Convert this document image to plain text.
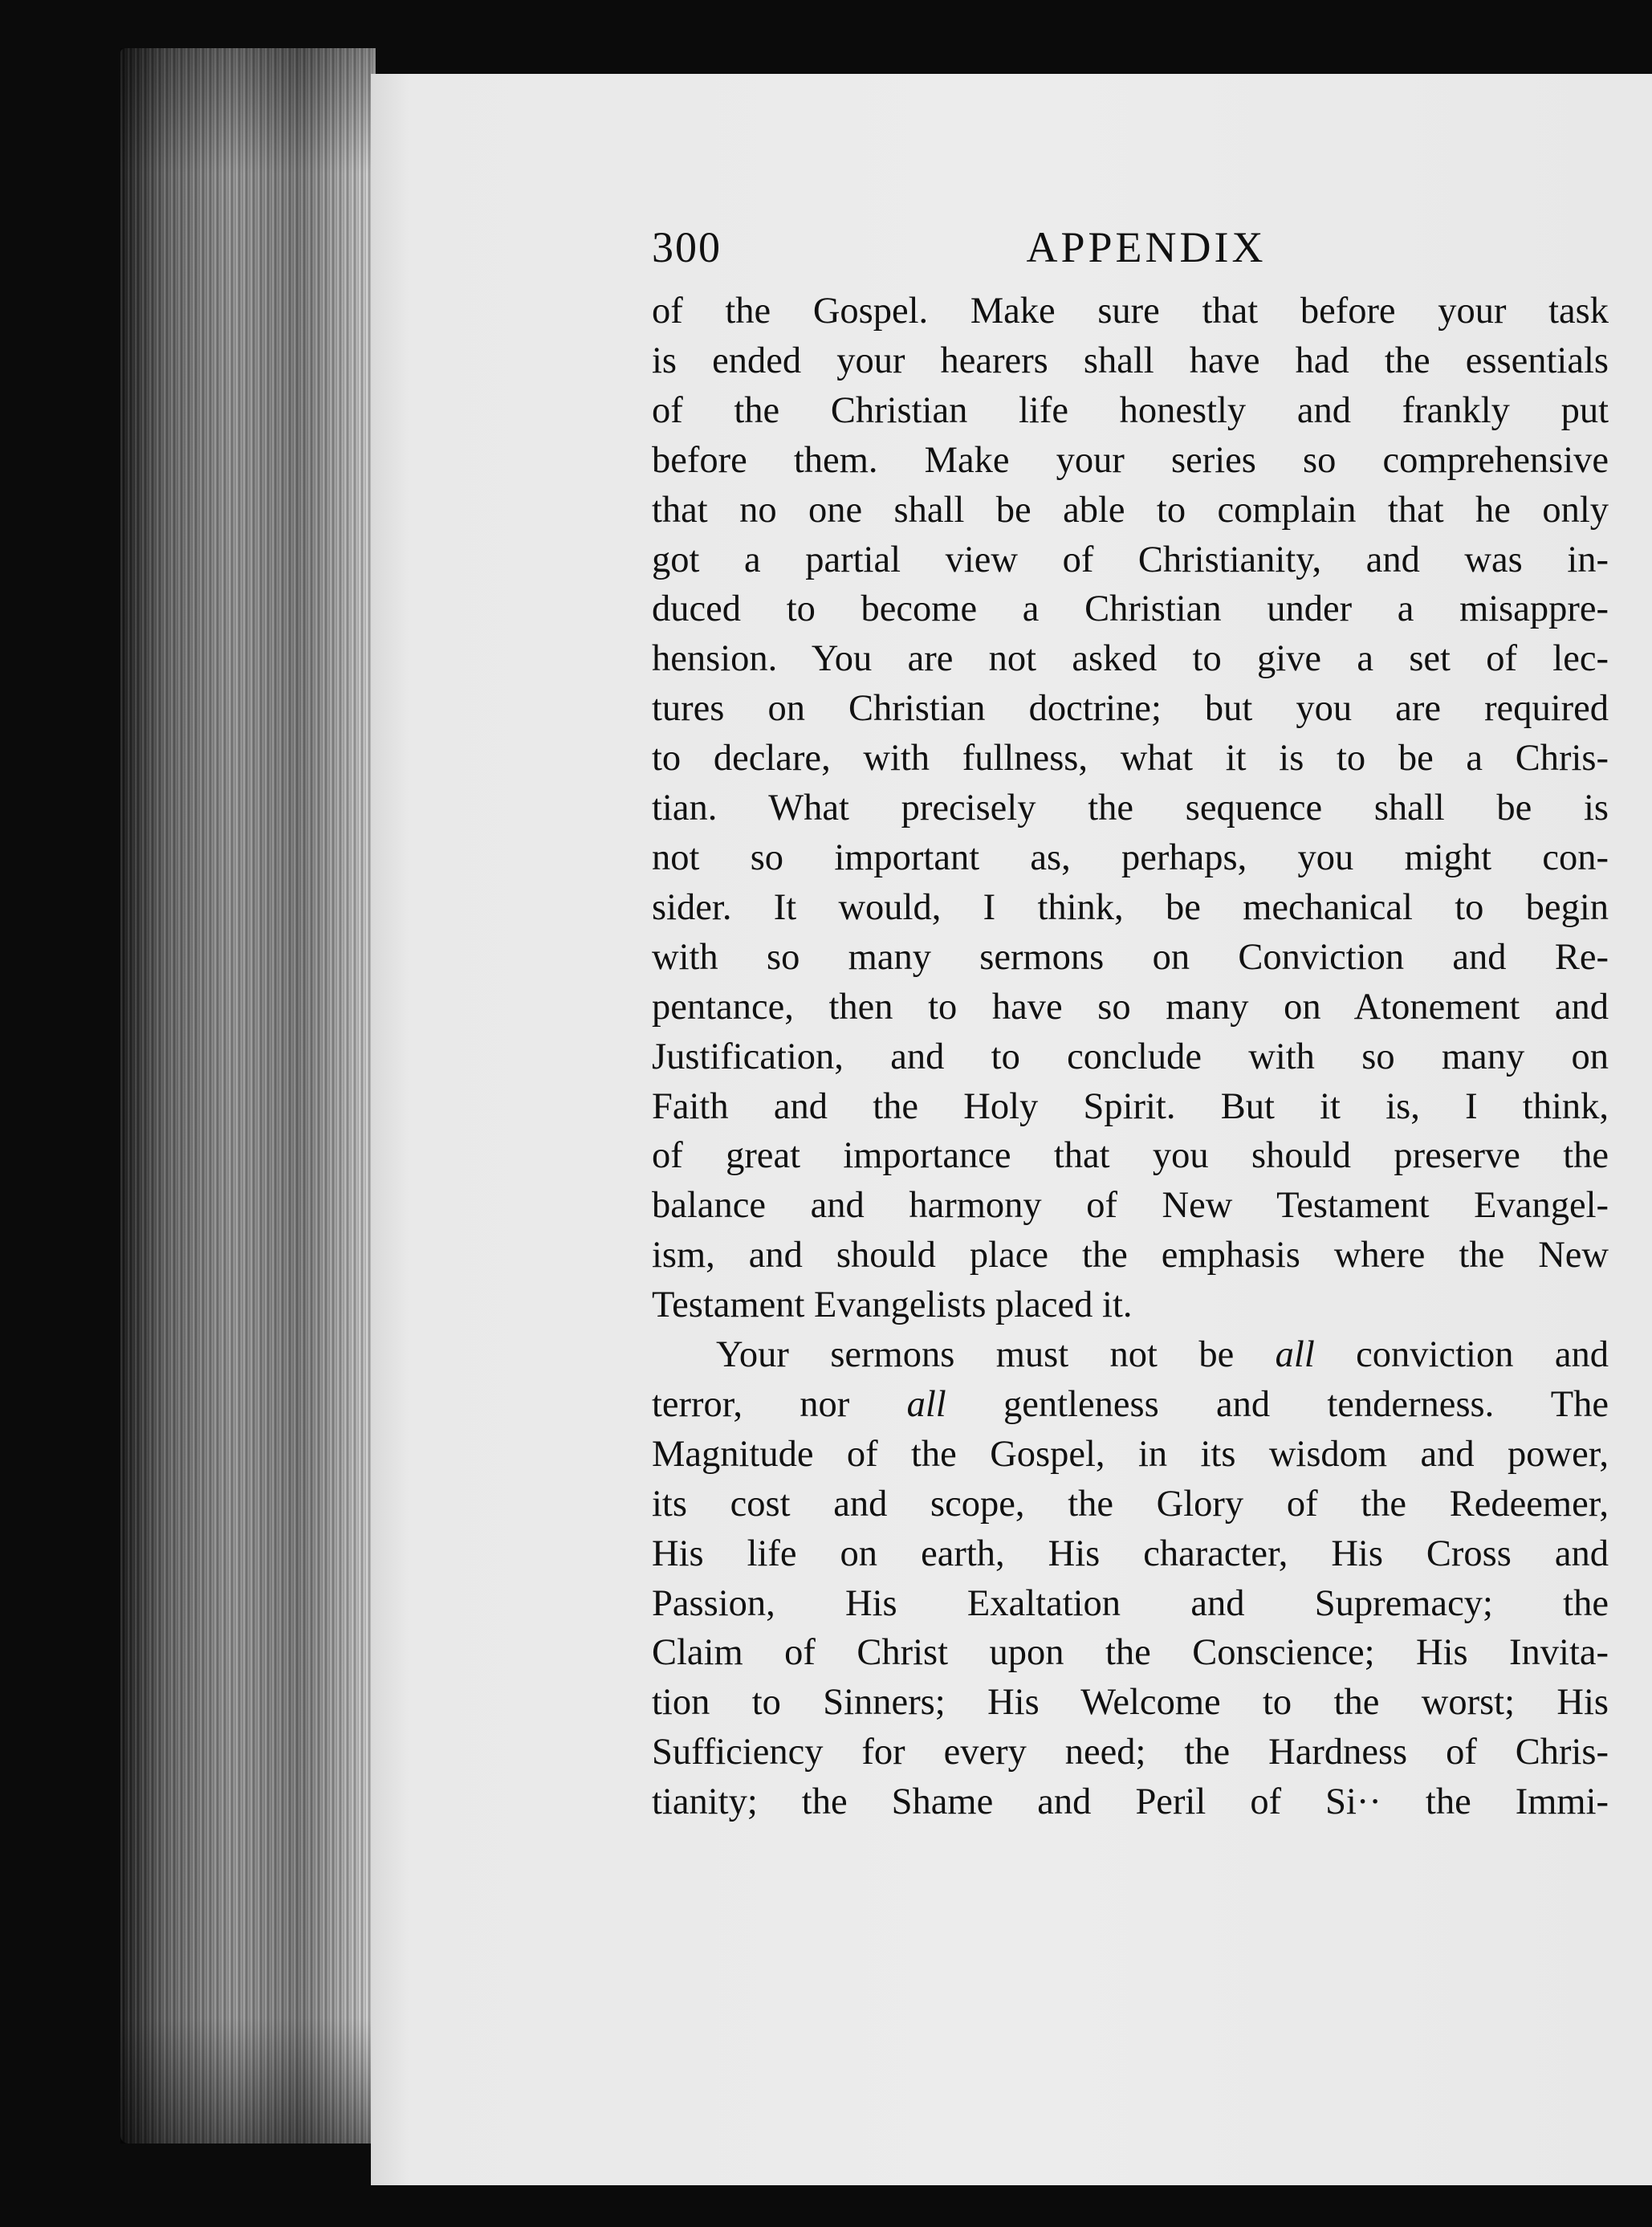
300	APPENDIX

of the Gospel. Make sure that before your task
is ended your hearers shall have had the essentials
of the Christian life honestly and frankly put
before them. Make your series so comprehensive
that no one shall be able to complain that he only
got a partial view of Christianity, and was in-
duced to become a Christian under a misappre-
hension. You are not asked to give a set of lec-
tures on Christian doctrine; but you are required
to declare, with fullness, what it is to be a Chris-
tian. What precisely the sequence shall be is
not so important as, perhaps, you might con-
sider. It would, I think, be mechanical to begin
with so many sermons on Conviction and Re-
pentance, then to have so many on Atonement and
Justification, and to conclude with so many on
Faith and the Holy Spirit. But it is, I think,
of great importance that you should preserve the
balance and harmony of New Testament Evangel-
ism, and should place the emphasis where the New
Testament Evangelists placed it.

Your sermons must not be all conviction and
terror, nor all gentleness and tenderness. The
Magnitude of the Gospel, in its wisdom and power,
its cost and scope, the Glory of the Redeemer,
His life on earth, His character, His Cross and
Passion, His Exaltation and Supremacy; the
Claim of Christ upon the Conscience; His Invita-
tion to Sinners; His Welcome to the worst; His
Sufficiency for every need; the Hardness of Chris-
tianity; the Shame and Peril of Si·· the Immi-
